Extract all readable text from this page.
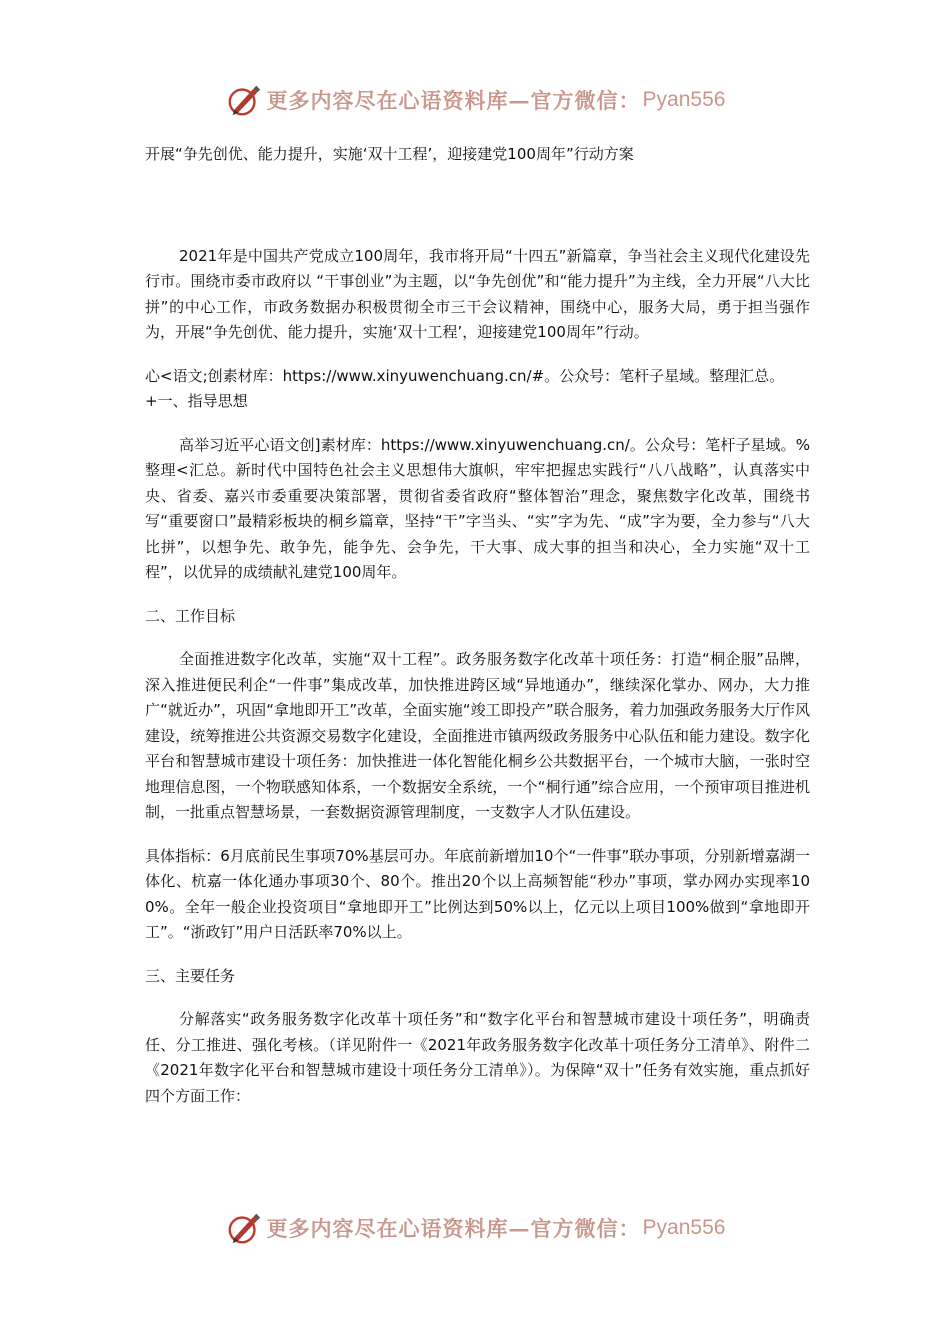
更多内容尽在心语资料库—官方微信： Pyan556

开展“争先创优、能力提升，实施‘双十工程’，迎接建党100周年”行动方案

2021年是中国共产党成立100周年，我市将开局“十四五”新篇章，争当社会主义现代化建设先行市。围绕市委市政府以 “干事创业”为主题，以“争先创优”和“能力提升”为主线，全力开展“八大比拼”的中心工作，市政务数据办积极贯彻全市三干会议精神，围绕中心，服务大局，勇于担当强作为，开展“争先创优、能力提升，实施‘双十工程’，迎接建党100周年”行动。

心<语文;创素材库：https://www.xinyuwenchuang.cn/#。公众号：笔杆子星域。整理汇总。

+一、指导思想

高举习近平心语文创]素材库：https://www.xinyuwenchuang.cn/。公众号：笔杆子星域。%整理<汇总。新时代中国特色社会主义思想伟大旗帜，牢牢把握忠实践行“八八战略”，认真落实中央、省委、嘉兴市委重要决策部署，贯彻省委省政府“整体智治”理念，聚焦数字化改革，围绕书写“重要窗口”最精彩板块的桐乡篇章，坚持“干”字当头、“实”字为先、“成”字为要，全力参与“八大比拼”，以想争先、敢争先，能争先、会争先，干大事、成大事的担当和决心，全力实施“双十工程”，以优异的成绩献礼建党100周年。

二、工作目标

全面推进数字化改革，实施“双十工程”。政务服务数字化改革十项任务：打造“桐企服”品牌，深入推进便民利企“一件事”集成改革，加快推进跨区域“异地通办”，继续深化掌办、网办，大力推广“就近办”，巩固“拿地即开工”改革，全面实施“竣工即投产”联合服务，着力加强政务服务大厅作风建设，统筹推进公共资源交易数字化建设，全面推进市镇两级政务服务中心队伍和能力建设。数字化平台和智慧城市建设十项任务：加快推进一体化智能化桐乡公共数据平台，一个城市大脑，一张时空地理信息图，一个物联感知体系，一个数据安全系统，一个“桐行通”综合应用，一个预审项目推进机制，一批重点智慧场景，一套数据资源管理制度，一支数字人才队伍建设。

具体指标：6月底前民生事项70%基层可办。年底前新增加10个“一件事”联办事项，分别新增嘉湖一体化、杭嘉一体化通办事项30个、80个。推出20个以上高频智能“秒办”事项，掌办网办实现率100%。全年一般企业投资项目“拿地即开工”比例达到50%以上，亿元以上项目100%做到“拿地即开工”。“浙政钉”用户日活跃率70%以上。

三、主要任务

分解落实“政务服务数字化改革十项任务”和“数字化平台和智慧城市建设十项任务”，明确责任、分工推进、强化考核。（详见附件一《2021年政务服务数字化改革十项任务分工清单》、附件二《2021年数字化平台和智慧城市建设十项任务分工清单》）。为保障“双十”任务有效实施，重点抓好四个方面工作：

更多内容尽在心语资料库—官方微信： Pyan556
